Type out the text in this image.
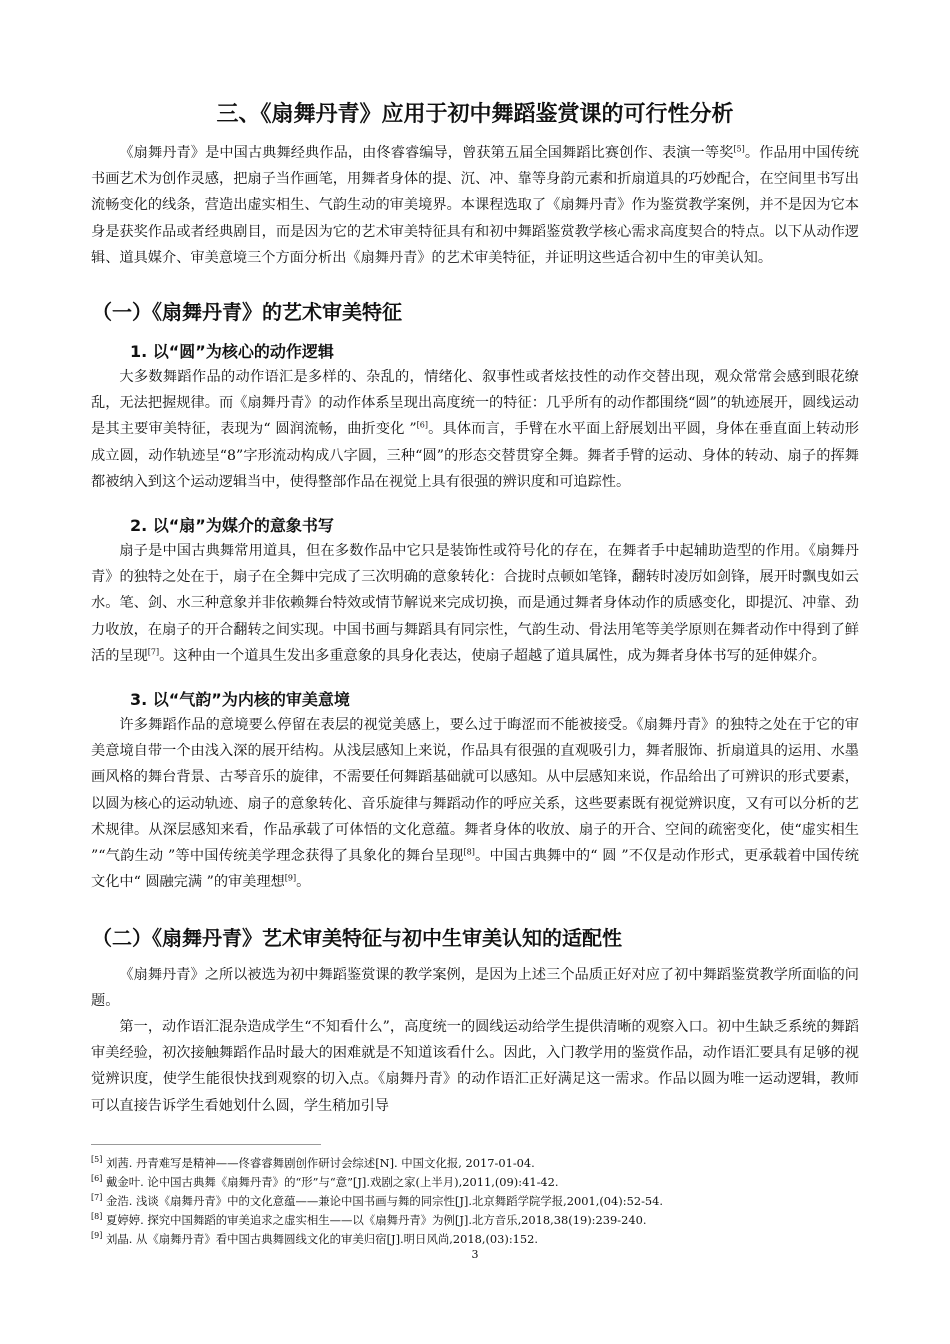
三、《扇舞丹青》应用于初中舞蹈鉴赏课的可行性分析

《扇舞丹青》是中国古典舞经典作品，由佟睿睿编导，曾获第五届全国舞蹈比赛创作、表演一等奖[5]。作品用中国传统书画艺术为创作灵感，把扇子当作画笔，用舞者身体的提、沉、冲、靠等身韵元素和折扇道具的巧妙配合，在空间里书写出流畅变化的线条，营造出虚实相生、气韵生动的审美境界。本课程选取了《扇舞丹青》作为鉴赏教学案例，并不是因为它本身是获奖作品或者经典剧目，而是因为它的艺术审美特征具有和初中舞蹈鉴赏教学核心需求高度契合的特点。以下从动作逻辑、道具媒介、审美意境三个方面分析出《扇舞丹青》的艺术审美特征，并证明这些适合初中生的审美认知。

（一）《扇舞丹青》的艺术审美特征
1. 以“圆”为核心的动作逻辑

大多数舞蹈作品的动作语汇是多样的、杂乱的，情绪化、叙事性或者炫技性的动作交替出现，观众常常会感到眼花缭乱，无法把握规律。而《扇舞丹青》的动作体系呈现出高度统一的特征：几乎所有的动作都围绕“圆”的轨迹展开，圆线运动是其主要审美特征，表现为“ 圆润流畅，曲折变化 ”[6]。具体而言，手臂在水平面上舒展划出平圆，身体在垂直面上转动形成立圆，动作轨迹呈“8”字形流动构成八字圆，三种“圆”的形态交替贯穿全舞。舞者手臂的运动、身体的转动、扇子的挥舞都被纳入到这个运动逻辑当中，使得整部作品在视觉上具有很强的辨识度和可追踪性。

2. 以“扇”为媒介的意象书写

扇子是中国古典舞常用道具，但在多数作品中它只是装饰性或符号化的存在，在舞者手中起辅助造型的作用。《扇舞丹青》的独特之处在于，扇子在全舞中完成了三次明确的意象转化：合拢时点顿如笔锋，翻转时凌厉如剑锋，展开时飘曳如云水。笔、剑、水三种意象并非依赖舞台特效或情节解说来完成切换，而是通过舞者身体动作的质感变化，即提沉、冲靠、劲力收放，在扇子的开合翻转之间实现。中国书画与舞蹈具有同宗性，气韵生动、骨法用笔等美学原则在舞者动作中得到了鲜活的呈现[7]。这种由一个道具生发出多重意象的具身化表达，使扇子超越了道具属性，成为舞者身体书写的延伸媒介。

3. 以“气韵”为内核的审美意境

许多舞蹈作品的意境要么停留在表层的视觉美感上，要么过于晦涩而不能被接受。《扇舞丹青》的独特之处在于它的审美意境自带一个由浅入深的展开结构。从浅层感知上来说，作品具有很强的直观吸引力，舞者服饰、折扇道具的运用、水墨画风格的舞台背景、古琴音乐的旋律，不需要任何舞蹈基础就可以感知。从中层感知来说，作品给出了可辨识的形式要素，以圆为核心的运动轨迹、扇子的意象转化、音乐旋律与舞蹈动作的呼应关系，这些要素既有视觉辨识度，又有可以分析的艺术规律。从深层感知来看，作品承载了可体悟的文化意蕴。舞者身体的收放、扇子的开合、空间的疏密变化，使“虚实相生 ”“气韵生动 ”等中国传统美学理念获得了具象化的舞台呈现[8]。中国古典舞中的“ 圆 ”不仅是动作形式，更承载着中国传统文化中“ 圆融完满 ”的审美理想[9]。

（二）《扇舞丹青》艺术审美特征与初中生审美认知的适配性

《扇舞丹青》之所以被选为初中舞蹈鉴赏课的教学案例，是因为上述三个品质正好对应了初中舞蹈鉴赏教学所面临的问题。

第一，动作语汇混杂造成学生“不知看什么”，高度统一的圆线运动给学生提供清晰的观察入口。初中生缺乏系统的舞蹈审美经验，初次接触舞蹈作品时最大的困难就是不知道该看什么。因此，入门教学用的鉴赏作品，动作语汇要具有足够的视觉辨识度，使学生能很快找到观察的切入点。《扇舞丹青》的动作语汇正好满足这一需求。作品以圆为唯一运动逻辑，教师可以直接告诉学生看她划什么圆，学生稍加引导

[5] 刘茜. 丹青难写是精神——佟睿睿舞剧创作研讨会综述[N]. 中国文化报, 2017-01-04.

[6] 戴金叶. 论中国古典舞《扇舞丹青》的“形”与“意”[J].戏剧之家(上半月),2011,(09):41-42.

[7] 金浩. 浅谈《扇舞丹青》中的文化意蕴——兼论中国书画与舞的同宗性[J].北京舞蹈学院学报,2001,(04):52-54.

[8] 夏婷婷. 探究中国舞蹈的审美追求之虚实相生——以《扇舞丹青》为例[J].北方音乐,2018,38(19):239-240.

[9] 刘晶. 从《扇舞丹青》看中国古典舞圆线文化的审美归宿[J].明日风尚,2018,(03):152.

3
